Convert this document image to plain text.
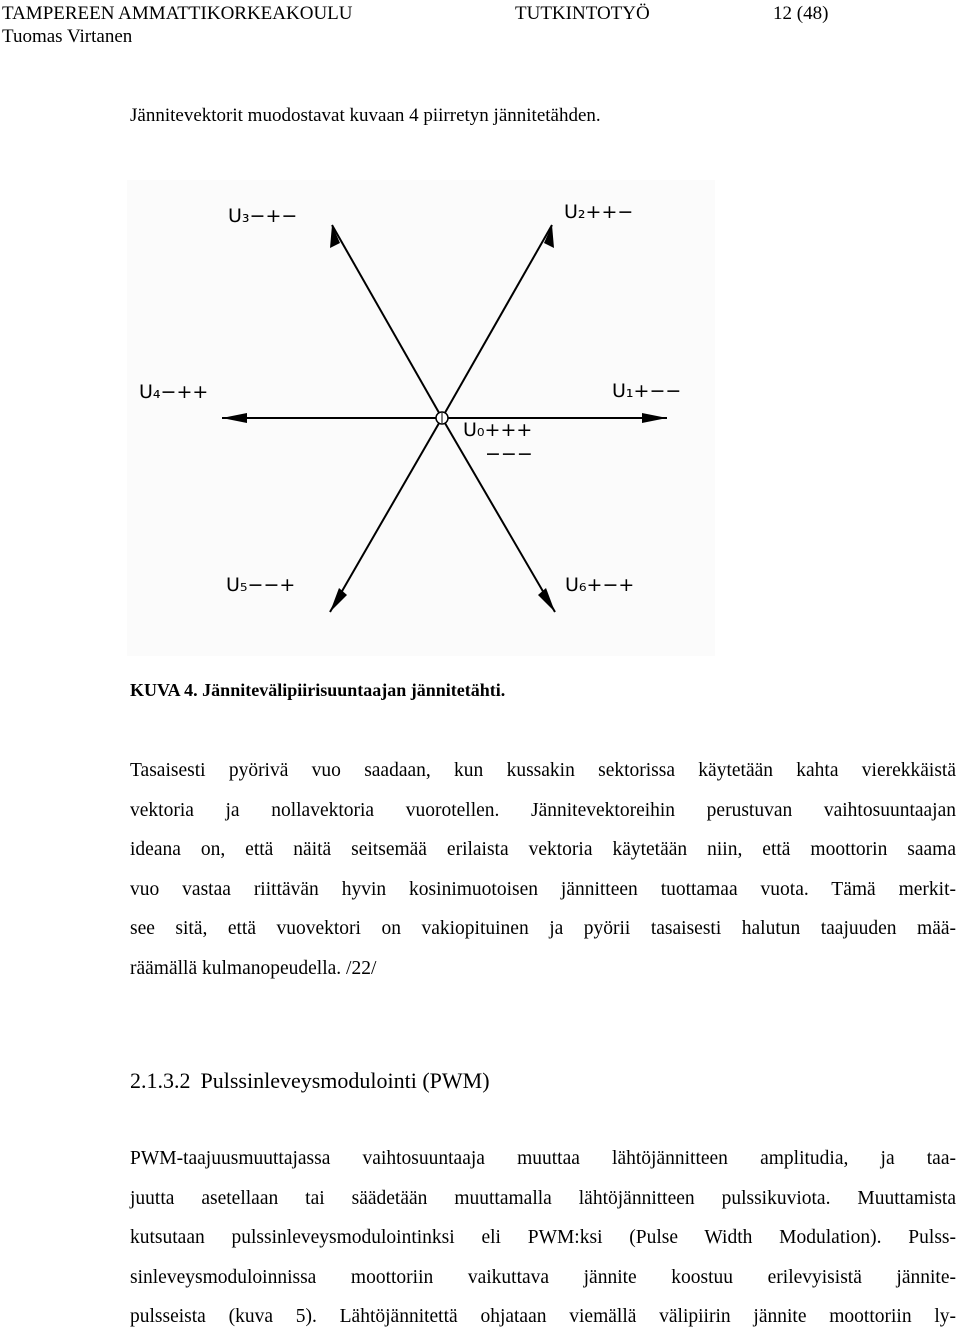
TAMPEREEN AMMATTIKORKEAKOULU
Tuomas Virtanen
TUTKINTOTYÖ	12 (48)
Jännitevektorit muodostavat kuvaan 4 piirretyn jännitetähden.
U₃−+−	U₂++−
U₄−++	U₁+−−
U₀+++
−−−
U₅−−+	U₆+−+
KUVA 4. Jännitevälipiirisuuntaajan jännitetähti.
Tasaisesti pyörivä vuo saadaan, kun kussakin sektorissa käytetään kahta vierekkäistä
vektoria ja nollavektoria vuorotellen. Jännitevektoreihin perustuvan vaihtosuuntaajan
ideana on, että näitä seitsemää erilaista vektoria käytetään niin, että moottorin saama
vuo vastaa riittävän hyvin kosinimuotoisen jännitteen tuottamaa vuota. Tämä merkit-
see sitä, että vuovektori on vakiopituinen ja pyörii tasaisesti halutun taajuuden mää-
räämällä kulmanopeudella. /22/
2.1.3.2 Pulssinleveysmodulointi (PWM)
PWM-taajuusmuuttajassa vaihtosuuntaaja muuttaa lähtöjännitteen amplitudia, ja taa-
juutta asetellaan tai säädetään muuttamalla lähtöjännitteen pulssikuviota. Muuttamista
kutsutaan pulssinleveysmodulointinksi eli PWM:ksi (Pulse Width Modulation). Pulss-
sinleveysmoduloinnissa moottoriin vaikuttava jännite koostuu erilevyisistä jännite-
pulsseista (kuva 5). Lähtöjännitettä ohjataan viemällä välipiirin jännite moottoriin ly-
